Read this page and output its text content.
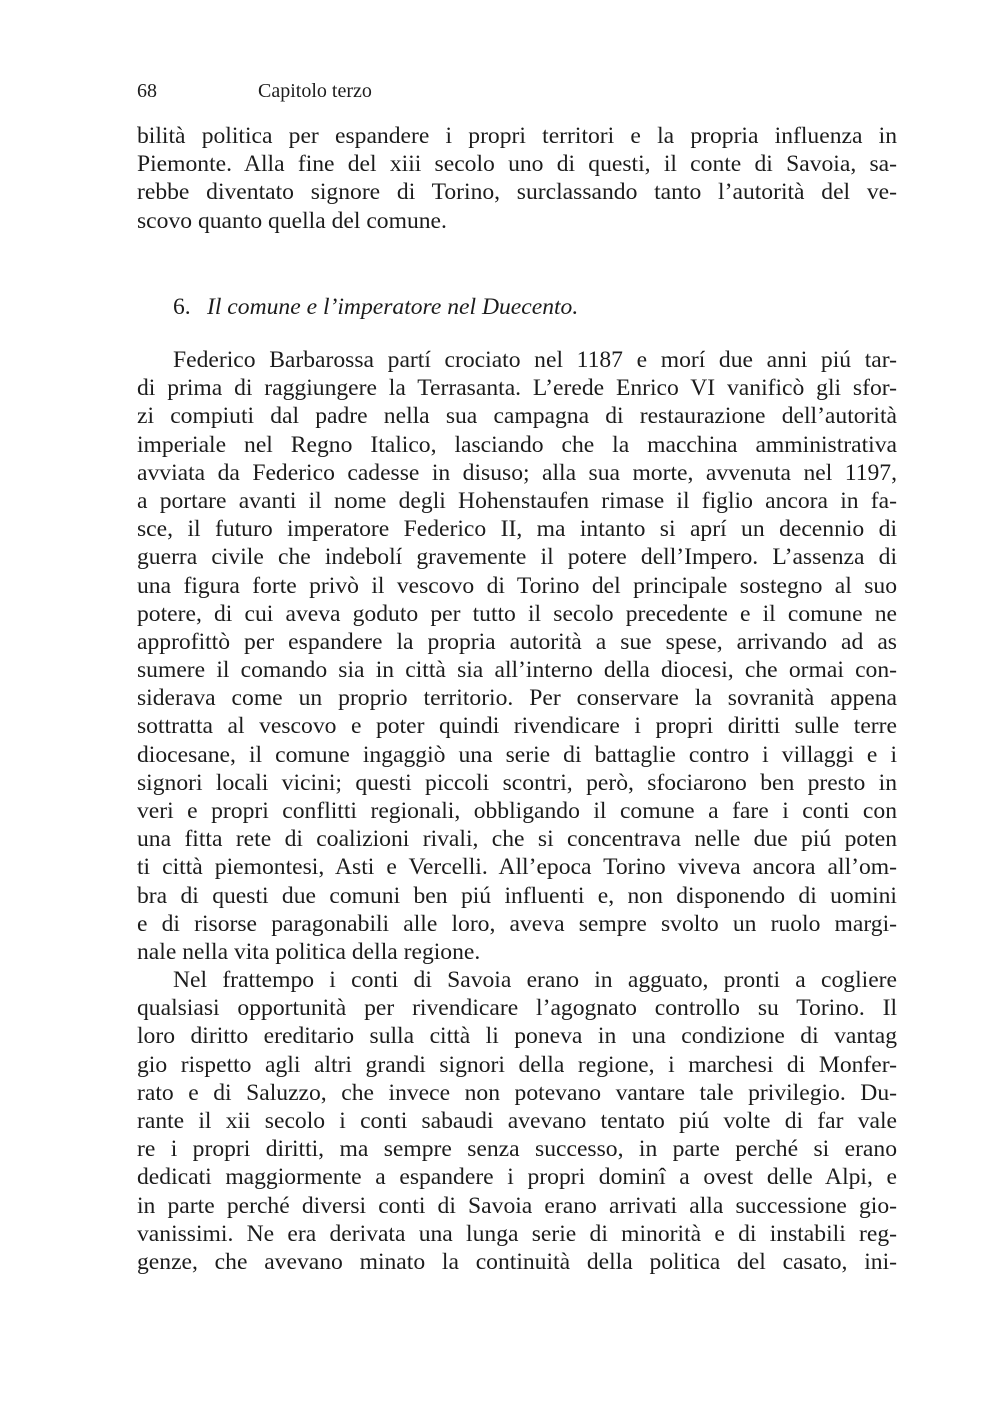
68	Capitolo terzo
bilità politica per espandere i propri territori e la propria influenza in
Piemonte. Alla fine del xiii secolo uno di questi, il conte di Savoia, sa-
rebbe diventato signore di Torino, surclassando tanto l’autorità del ve-
scovo quanto quella del comune.
6. Il comune e l’imperatore nel Duecento.
Federico Barbarossa partí crociato nel 1187 e morí due anni piú tar-
di prima di raggiungere la Terrasanta. L’erede Enrico VI vanificò gli sfor-
zi compiuti dal padre nella sua campagna di restaurazione dell’autorità
imperiale nel Regno Italico, lasciando che la macchina amministrativa
avviata da Federico cadesse in disuso; alla sua morte, avvenuta nel 1197,
a portare avanti il nome degli Hohenstaufen rimase il figlio ancora in fa-
sce, il futuro imperatore Federico II, ma intanto si aprí un decennio di
guerra civile che indebolí gravemente il potere dell’Impero. L’assenza di
una figura forte privò il vescovo di Torino del principale sostegno al suo
potere, di cui aveva goduto per tutto il secolo precedente e il comune ne
approfittò per espandere la propria autorità a sue spese, arrivando ad as
sumere il comando sia in città sia all’interno della diocesi, che ormai con-
siderava come un proprio territorio. Per conservare la sovranità appena
sottratta al vescovo e poter quindi rivendicare i propri diritti sulle terre
diocesane, il comune ingaggiò una serie di battaglie contro i villaggi e i
signori locali vicini; questi piccoli scontri, però, sfociarono ben presto in
veri e propri conflitti regionali, obbligando il comune a fare i conti con
una fitta rete di coalizioni rivali, che si concentrava nelle due piú poten
ti città piemontesi, Asti e Vercelli. All’epoca Torino viveva ancora all’om-
bra di questi due comuni ben piú influenti e, non disponendo di uomini
e di risorse paragonabili alle loro, aveva sempre svolto un ruolo margi-
nale nella vita politica della regione.
Nel frattempo i conti di Savoia erano in agguato, pronti a cogliere
qualsiasi opportunità per rivendicare l’agognato controllo su Torino. Il
loro diritto ereditario sulla città li poneva in una condizione di vantag
gio rispetto agli altri grandi signori della regione, i marchesi di Monfer-
rato e di Saluzzo, che invece non potevano vantare tale privilegio. Du-
rante il xii secolo i conti sabaudi avevano tentato piú volte di far vale
re i propri diritti, ma sempre senza successo, in parte perché si erano
dedicati maggiormente a espandere i propri dominî a ovest delle Alpi, e
in parte perché diversi conti di Savoia erano arrivati alla successione gio-
vanissimi. Ne era derivata una lunga serie di minorità e di instabili reg-
genze, che avevano minato la continuità della politica del casato, ini-
